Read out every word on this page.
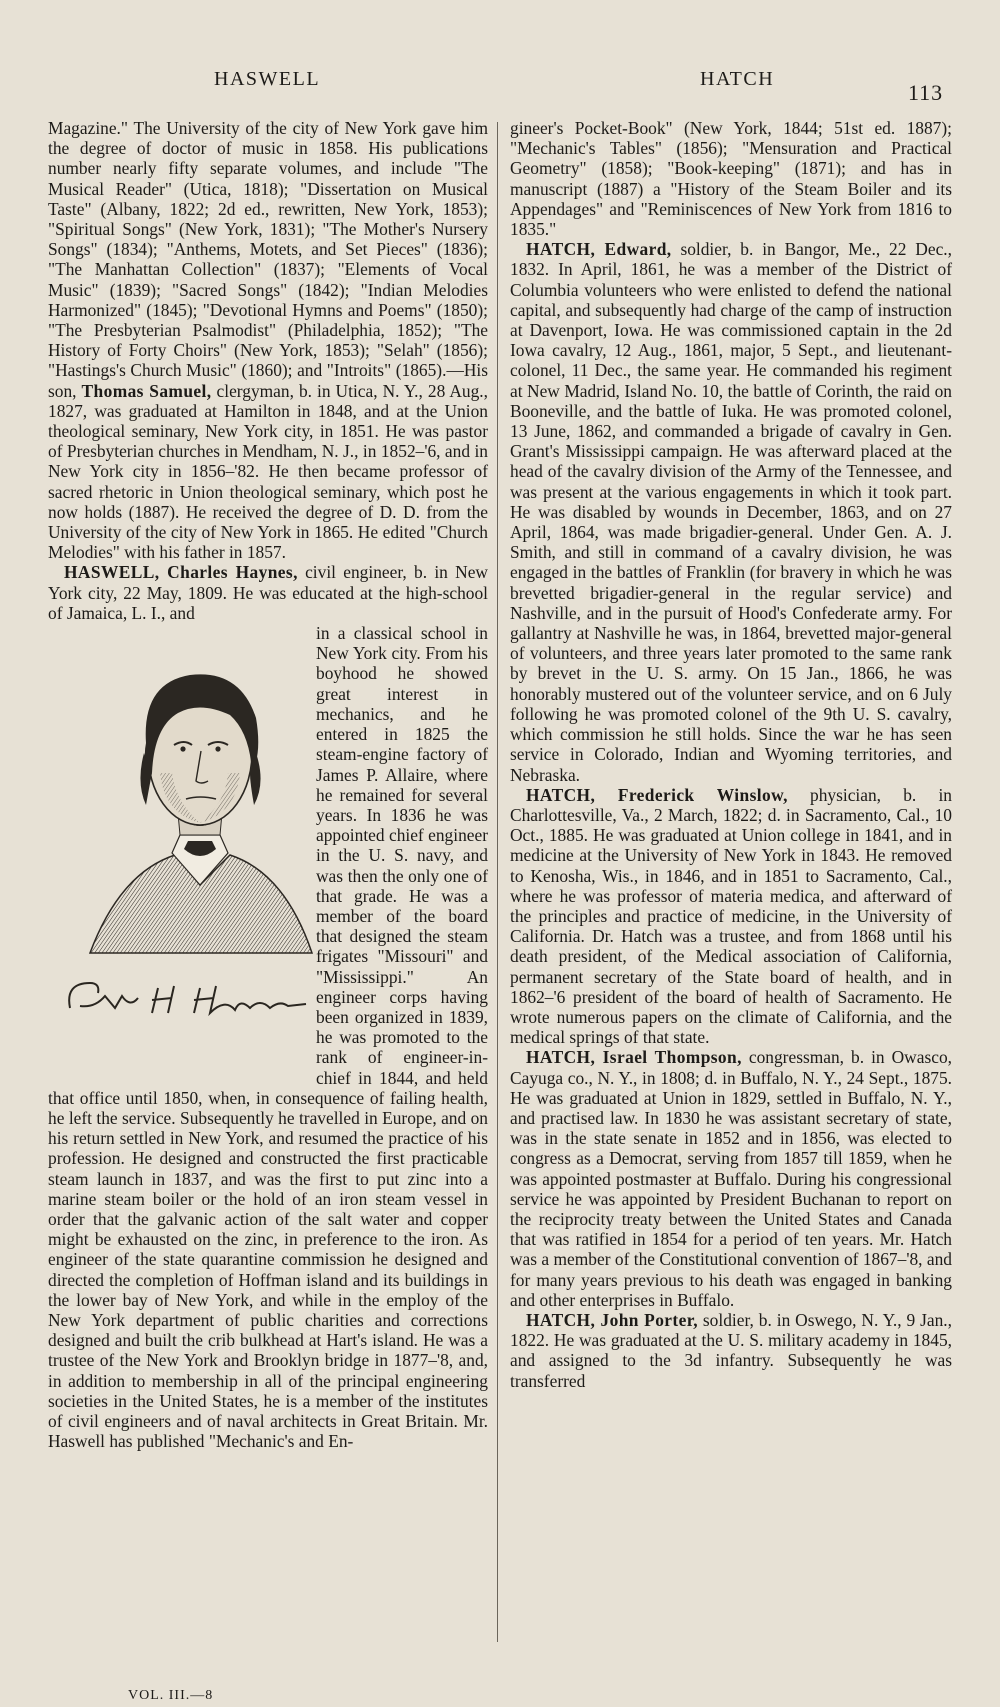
HASWELL	HATCH
113

Magazine." The University of the city of New York gave him the degree of doctor of music in 1858. His publications number nearly fifty separate volumes, and include "The Musical Reader" (Utica, 1818); "Dissertation on Musical Taste" (Albany, 1822; 2d ed., rewritten, New York, 1853); "Spiritual Songs" (New York, 1831); "The Mother's Nursery Songs" (1834); "Anthems, Motets, and Set Pieces" (1836); "The Manhattan Collection" (1837); "Elements of Vocal Music" (1839); "Sacred Songs" (1842); "Indian Melodies Harmonized" (1845); "Devotional Hymns and Poems" (1850); "The Presbyterian Psalmodist" (Philadelphia, 1852); "The History of Forty Choirs" (New York, 1853); "Selah" (1856); "Hastings's Church Music" (1860); and "Introits" (1865).—His son, Thomas Samuel, clergyman, b. in Utica, N. Y., 28 Aug., 1827, was graduated at Hamilton in 1848, and at the Union theological seminary, New York city, in 1851. He was pastor of Presbyterian churches in Mendham, N. J., in 1852–'6, and in New York city in 1856–'82. He then became professor of sacred rhetoric in Union theological seminary, which post he now holds (1887). He received the degree of D. D. from the University of the city of New York in 1865. He edited "Church Melodies" with his father in 1857.

HASWELL, Charles Haynes, civil engineer, b. in New York city, 22 May, 1809. He was educated at the high-school of Jamaica, L. I., and

in a classical school in New York city. From his boyhood he showed great interest in mechanics, and he entered in 1825 the steam-engine factory of James P. Allaire, where he remained for several years. In 1836 he was appointed chief engineer in the U. S. navy, and was then the only one of that grade. He was a member of the board that designed the steam frigates "Missouri" and "Mississippi." An engineer corps having been organized in 1839, he was promoted to the rank of engineer-in-chief in 1844, and held that office until 1850, when, in consequence of failing health, he left the service. Subsequently he travelled in Europe, and on his return settled in New York, and resumed the practice of his profession. He designed and constructed the first practicable steam launch in 1837, and was the first to put zinc into a marine steam boiler or the hold of an iron steam vessel in order that the galvanic action of the salt water and copper might be exhausted on the zinc, in preference to the iron. As engineer of the state quarantine commission he designed and directed the completion of Hoffman island and its buildings in the lower bay of New York, and while in the employ of the New York department of public charities and corrections designed and built the crib bulkhead at Hart's island. He was a trustee of the New York and Brooklyn bridge in 1877–'8, and, in addition to membership in all of the principal engineering societies in the United States, he is a member of the institutes of civil engineers and of naval architects in Great Britain. Mr. Haswell has published "Mechanic's and En-

gineer's Pocket-Book" (New York, 1844; 51st ed. 1887); "Mechanic's Tables" (1856); "Mensuration and Practical Geometry" (1858); "Book-keeping" (1871); and has in manuscript (1887) a "History of the Steam Boiler and its Appendages" and "Reminiscences of New York from 1816 to 1835."

HATCH, Edward, soldier, b. in Bangor, Me., 22 Dec., 1832. In April, 1861, he was a member of the District of Columbia volunteers who were enlisted to defend the national capital, and subsequently had charge of the camp of instruction at Davenport, Iowa. He was commissioned captain in the 2d Iowa cavalry, 12 Aug., 1861, major, 5 Sept., and lieutenant-colonel, 11 Dec., the same year. He commanded his regiment at New Madrid, Island No. 10, the battle of Corinth, the raid on Booneville, and the battle of Iuka. He was promoted colonel, 13 June, 1862, and commanded a brigade of cavalry in Gen. Grant's Mississippi campaign. He was afterward placed at the head of the cavalry division of the Army of the Tennessee, and was present at the various engagements in which it took part. He was disabled by wounds in December, 1863, and on 27 April, 1864, was made brigadier-general. Under Gen. A. J. Smith, and still in command of a cavalry division, he was engaged in the battles of Franklin (for bravery in which he was brevetted brigadier-general in the regular service) and Nashville, and in the pursuit of Hood's Confederate army. For gallantry at Nashville he was, in 1864, brevetted major-general of volunteers, and three years later promoted to the same rank by brevet in the U. S. army. On 15 Jan., 1866, he was honorably mustered out of the volunteer service, and on 6 July following he was promoted colonel of the 9th U. S. cavalry, which commission he still holds. Since the war he has seen service in Colorado, Indian and Wyoming territories, and Nebraska.

HATCH, Frederick Winslow, physician, b. in Charlottesville, Va., 2 March, 1822; d. in Sacramento, Cal., 10 Oct., 1885. He was graduated at Union college in 1841, and in medicine at the University of New York in 1843. He removed to Kenosha, Wis., in 1846, and in 1851 to Sacramento, Cal., where he was professor of materia medica, and afterward of the principles and practice of medicine, in the University of California. Dr. Hatch was a trustee, and from 1868 until his death president, of the Medical association of California, permanent secretary of the State board of health, and in 1862–'6 president of the board of health of Sacramento. He wrote numerous papers on the climate of California, and the medical springs of that state.

HATCH, Israel Thompson, congressman, b. in Owasco, Cayuga co., N. Y., in 1808; d. in Buffalo, N. Y., 24 Sept., 1875. He was graduated at Union in 1829, settled in Buffalo, N. Y., and practised law. In 1830 he was assistant secretary of state, was in the state senate in 1852 and in 1856, was elected to congress as a Democrat, serving from 1857 till 1859, when he was appointed postmaster at Buffalo. During his congressional service he was appointed by President Buchanan to report on the reciprocity treaty between the United States and Canada that was ratified in 1854 for a period of ten years. Mr. Hatch was a member of the Constitutional convention of 1867–'8, and for many years previous to his death was engaged in banking and other enterprises in Buffalo.

HATCH, John Porter, soldier, b. in Oswego, N. Y., 9 Jan., 1822. He was graduated at the U. S. military academy in 1845, and assigned to the 3d infantry. Subsequently he was transferred

VOL. III.—8
